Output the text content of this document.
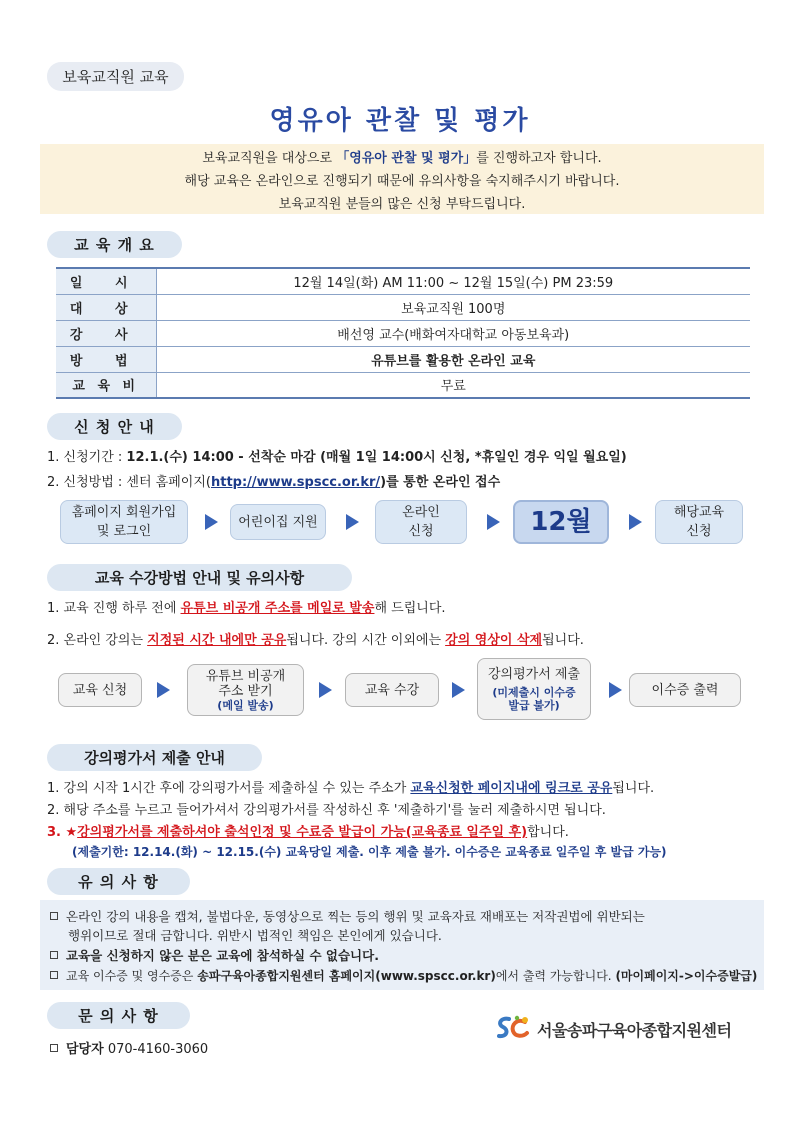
보육교직원 교육
영유아 관찰 및 평가
보육교직원을 대상으로 「영유아 관찰 및 평가」를 진행하고자 합니다.
해당 교육은 온라인으로 진행되기 때문에 유의사항을 숙지해주시기 바랍니다.
보육교직원 분들의 많은 신청 부탁드립니다.
교 육 개 요
일 시	12월 14일(화) AM 11:00 ~ 12월 15일(수) PM 23:59
대 상	보육교직원 100명
강 사	배선영 교수(배화여자대학교 아동보육과)
방 법	유튜브를 활용한 온라인 교육
교 육 비	무료
신 청 안 내
1. 신청기간 : 12.1.(수) 14:00 - 선착순 마감 (매월 1일 14:00시 신청, *휴일인 경우 익일 월요일)
2. 신청방법 : 센터 홈페이지(http://www.spscc.or.kr/)를 통한 온라인 접수
홈페이지 회원가입
및 로그인
어린이집 지원
온라인
신청	12월	해당교육
신청
교육 수강방법 안내 및 유의사항
1. 교육 진행 하루 전에 유튜브 비공개 주소를 메일로 발송해 드립니다.
2. 온라인 강의는 지정된 시간 내에만 공유됩니다. 강의 시간 이외에는 강의 영상이 삭제됩니다.
교육 신청
유튜브 비공개
주소 받기
(메일 발송)
교육 수강
강의평가서 제출
(미제출시 이수증
발급 불가)
이수증 출력
강의평가서 제출 안내
1. 강의 시작 1시간 후에 강의평가서를 제출하실 수 있는 주소가 교육신청한 페이지내에 링크로 공유됩니다.
2. 해당 주소를 누르고 들어가셔서 강의평가서를 작성하신 후 '제출하기'를 눌러 제출하시면 됩니다.
3. ★강의평가서를 제출하셔야 출석인정 및 수료증 발급이 가능(교육종료 일주일 후)합니다.
(제출기한: 12.14.(화) ~ 12.15.(수) 교육당일 제출. 이후 제출 불가. 이수증은 교육종료 일주일 후 발급 가능)
유 의 사 항
온라인 강의 내용을 캡쳐, 불법다운, 동영상으로 찍는 등의 행위 및 교육자료 재배포는 저작권법에 위반되는
행위이므로 절대 금합니다. 위반시 법적인 책임은 본인에게 있습니다.
교육을 신청하지 않은 분은 교육에 참석하실 수 없습니다.
교육 이수증 및 영수증은 송파구육아종합지원센터 홈페이지(www.spscc.or.kr)에서 출력 가능합니다. (마이페이지->이수증발급)
문 의 사 항
담당자 070-4160-3060
서울송파구육아종합지원센터
